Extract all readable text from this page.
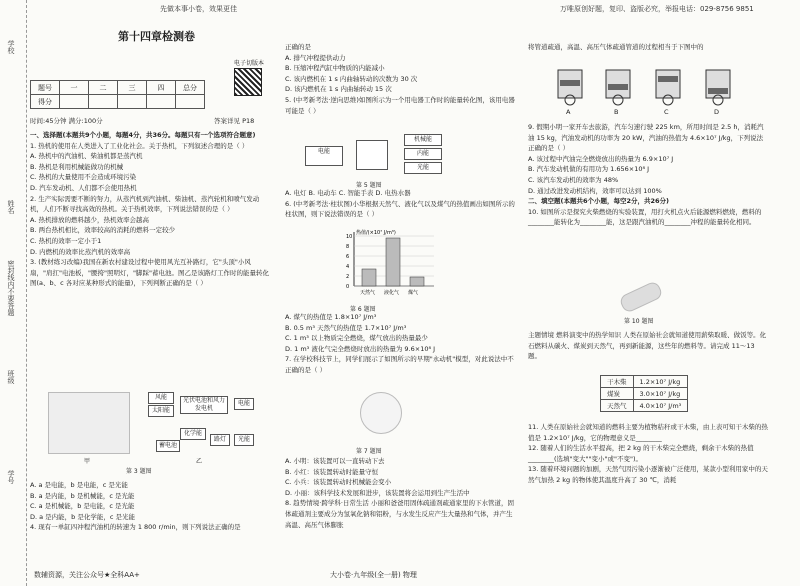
学校
姓名
密封线内不要答题
班级
学号
先做本事小卷，效果更佳	万唯原创好题，复印、盗版必究，举报电话：029-8756 9851
第十四章检测卷
题号	一	二	三	四	总分
得分					
电子切版本
时间:45分钟 满分:100分	答案详见 P18

一、选择题(本题共9个小题，每题4分，共36分。每题只有一个选项符合题意)

1. 热机的使用在人类进入了工业化社会。关于热机，下列叙述合理的是（ ）

A. 热机中的汽油机、柴油机都是蒸汽机

B. 热机是利用机械能做功的机械

C. 热机的大量使用不会造成环境污染

D. 汽车发动机、人们都不会使用热机

2. 生产实际需要不断的努力，从蒸汽机到汽油机、柴油机、蒸汽轮机和喷气发动机，人们不断寻找高效的热机。关于热机效率，下列说法错误的是（ ）

A. 热机排放的燃料越少，热机效率会越高

B. 两台热机相比，效率较高的消耗的燃料一定较少

C. 热机的效率一定小于1

D. 内燃机的效率比蒸汽机的效率高

3. (教材练习改编)我国在新农村建设过程中使用风光互补路灯，它"头顶"小风扇，"肩扛"电池板，"腰挎"照明灯，"脚踩"蓄电池。图乙是该路灯工作时的能量转化图(a、b、c 各对应某种形式的能量)，下列判断正确的是（ ）

风能
太阳能
光伏电池和风力发电机
电能
化学能
路灯
蓄电池
光能
甲	乙
第 3 题图

A. a 是电能，b 是电能，c 是光能

B. a 是内能，b 是机械能，c 是光能

C. a 是机械能，b 是电能，c 是光能

D. a 是内能，b 是化学能，c 是光能

4. 现有一单缸四冲程汽油机的转速为 1 800 r/min，则下列说法正确的是

正确的是

A. 排气冲程提供动力

B. 压缩冲程汽缸中物质的内能减小

C. 该内燃机在 1 s 内曲轴转动的次数为 30 次

D. 该内燃机在 1 s 内曲轴转动 15 次

5. (中考新考法·逆向思维)如图所示为一个用电器工作时的能量转化图，该用电器可能是（ ）

电能
机械能
内能
光能
第 5 题图

A. 电灯 B. 电动车 C. 智能手表 D. 电热水器

6. (中考新考法·柱状图)小华根据天然气、液化气以及煤气的热值画出如图所示的柱状图，则下说法错误的是（ ）

热值/(×10⁷ J/m³)
0
2
4
6
8
10
天然气 液化气 煤气
第 6 题图

A. 煤气的热值是 1.8×10⁷ J/m³

B. 0.5 m³ 天然气的热值是 1.7×10⁷ J/m³

C. 1 m³ 以上物质完全燃烧，煤气放出的热量最少

D. 1 m³ 液化气完全燃烧时放出的热量为 9.6×10⁸ J

7. 在学校科技节上，同学们展示了如图所示的早期"永动机"模型，对此说法中不正确的是（ ）

第 7 题图

A. 小明：该装置可以一直转动下去

B. 小红：该装置转动时能量守恒

C. 小兵：该装置转动时机械能会变小

D. 小丽：该科学技术发展和进步，该装置将会运用到生产生活中

8. 趋势情境·跨学科·日常生活 小丽和爸爸用固体疏通剂疏通家里的下水管道，固体疏通剂主要成分为氢氧化钠和铝粉，与水发生反应产生大量热和气体，并产生高温、高压气体膨胀

将管道疏通，高温、高压气体疏通管道的过程相当于下图中的

A	B	C	D

9. 假期小明一家开车去旅游，汽车匀速行驶 225 km，所用时间是 2.5 h，消耗汽油 15 kg，汽油发动机的功率为 20 kW，汽油的热值为 4.6×10⁷ J/kg，下列说法正确的是（ ）

A. 该过程中汽油完全燃烧放出的热量为 6.9×10⁷ J

B. 汽车发动机做的有用功为 1.656×10⁸ J

C. 该汽车发动机的效率为 48%

D. 通过改进发动机结构，效率可以达到 100%

二、填空题(本题共6个小题，每空2分，共26分)

10. 如图所示是探究火柴燃烧的实验装置，用打火机点火后能源燃料燃烧，燃料的________能转化为________能，这是跟汽油机的________冲程的能量转化相同。

第 10 题图

主题情境 燃料演变中的热学知识 人类在原始社会就知道使用薪柴取暖、做饭等。化石燃料从碳火、煤炭到天然气，再到新能源，这些年的燃料等。请完成 11～13 题。

干木柴	1.2×10⁷ J/kg
煤炭	3.0×10⁷ J/kg
天然气	4.0×10⁷ J/m³

11. 人类在原始社会就知道的燃料主要为植物秸秆或干木柴，由上表可知干木柴的热值是 1.2×10⁷ J/kg，它的物理意义是________

12. 随着人们的生活水平提高，把 2 kg 的干木柴完全燃烧，剩余干木柴的热值________(选填"变大""变小"或"不变")。

13. 随着环境问题的加剧，天然气因污染小逐渐被广泛使用，某款小型利用家中的天然气加热 2 kg 的物体使其温度升高了 30 ℃，消耗

数辅资源，关注公众号★全科AA+	大小卷·九年级(全一册) 物理
